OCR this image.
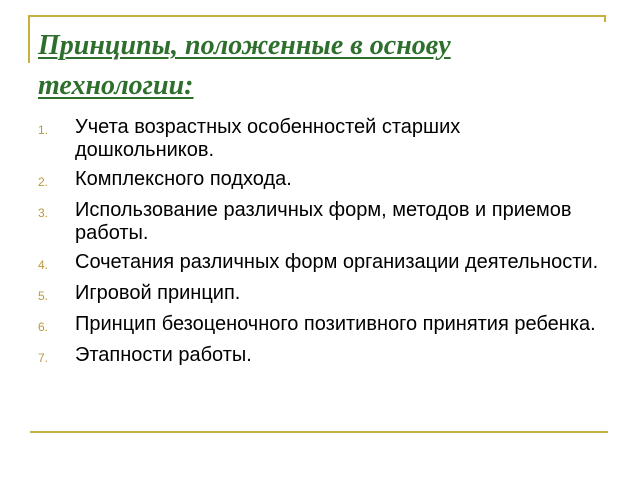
Принципы, положенные в основу технологии:
1.	Учета возрастных особенностей старших дошкольников.
2.	Комплексного подхода.
3.	Использование различных форм, методов и приемов работы.
4.	Сочетания различных форм организации деятельности.
5.	Игровой принцип.
6.	Принцип безоценочного позитивного принятия ребенка.
7.	Этапности работы.
